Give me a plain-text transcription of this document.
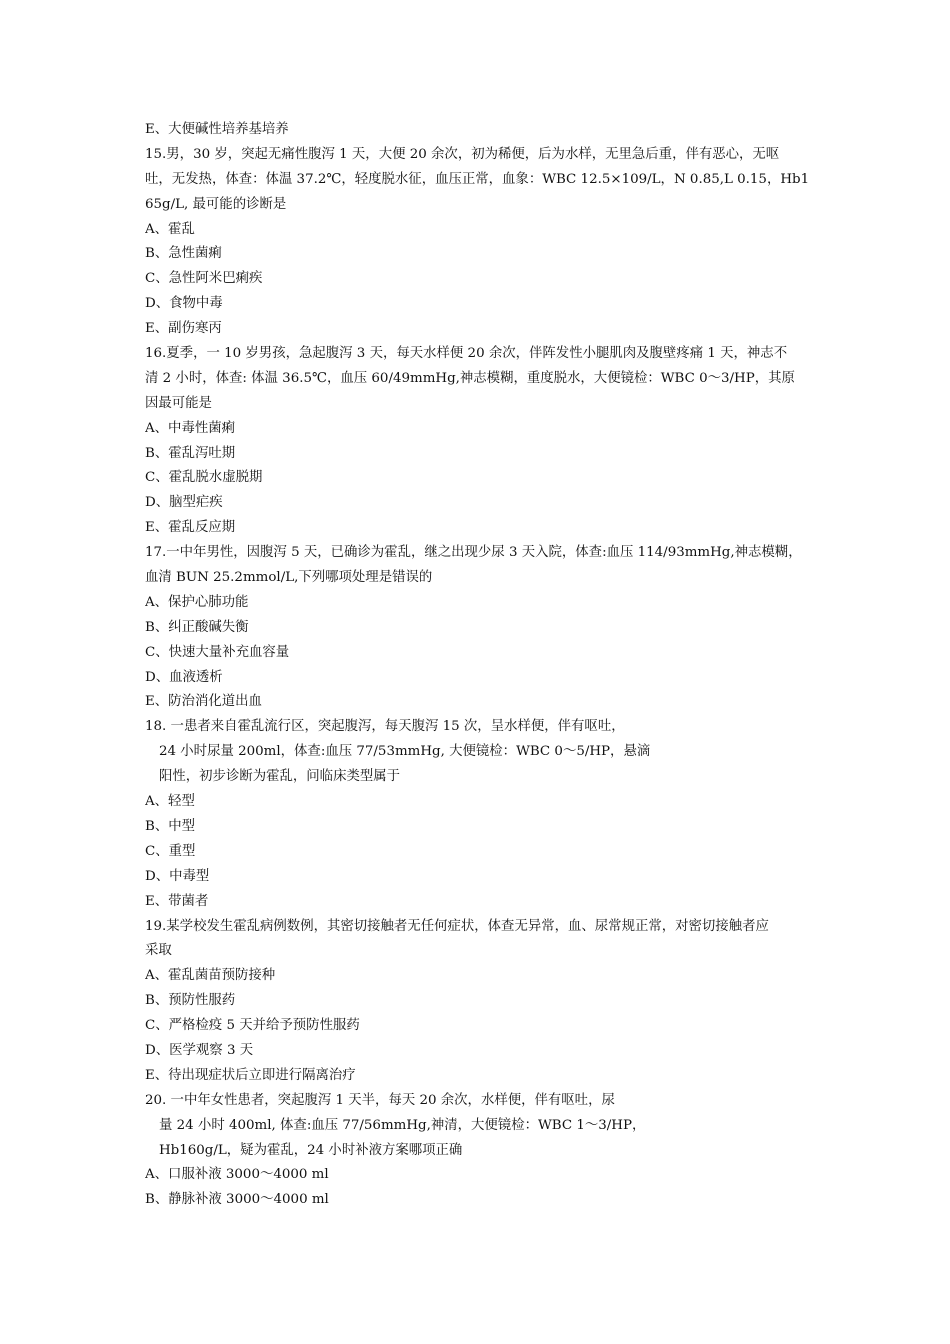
E、大便碱性培养基培养
15.男，30 岁，突起无痛性腹泻 1 天，大便 20 余次，初为稀便，后为水样，无里急后重，伴有恶心，无呕
吐，无发热，体查：体温 37.2℃，轻度脱水征，血压正常，血象：WBC 12.5×109/L，N 0.85,L 0.15，Hb1
65g/L, 最可能的诊断是
A、霍乱
B、急性菌痢
C、急性阿米巴痢疾
D、食物中毒
E、副伤寒丙
16.夏季，一 10 岁男孩，急起腹泻 3 天，每天水样便 20 余次，伴阵发性小腿肌肉及腹壁疼痛 1 天，神志不
清 2 小时，体查: 体温 36.5℃，血压 60/49mmHg,神志模糊，重度脱水，大便镜检：WBC 0～3/HP，其原
因最可能是
A、中毒性菌痢
B、霍乱泻吐期
C、霍乱脱水虚脱期
D、脑型疟疾
E、霍乱反应期
17.一中年男性，因腹泻 5 天，已确诊为霍乱，继之出现少尿 3 天入院，体查:血压 114/93mmHg,神志模糊，
血清 BUN 25.2mmol/L,下列哪项处理是错误的
A、保护心肺功能
B、纠正酸碱失衡
C、快速大量补充血容量
D、血液透析
E、防治消化道出血
18. 一患者来自霍乱流行区，突起腹泻，每天腹泻 15 次，呈水样便，伴有呕吐，
24 小时尿量 200ml，体查:血压 77/53mmHg, 大便镜检：WBC 0～5/HP，悬滴
阳性，初步诊断为霍乱，问临床类型属于
A、轻型
B、中型
C、重型
D、中毒型
E、带菌者
19.某学校发生霍乱病例数例，其密切接触者无任何症状，体查无异常，血、尿常规正常，对密切接触者应
采取
A、霍乱菌苗预防接种
B、预防性服药
C、严格检疫 5 天并给予预防性服药
D、医学观察 3 天
E、待出现症状后立即进行隔离治疗
20. 一中年女性患者，突起腹泻 1 天半，每天 20 余次，水样便，伴有呕吐，尿
量 24 小时 400ml, 体查:血压 77/56mmHg,神清，大便镜检：WBC 1～3/HP，
Hb160g/L，疑为霍乱，24 小时补液方案哪项正确
A、口服补液 3000～4000 ml
B、静脉补液 3000～4000 ml
